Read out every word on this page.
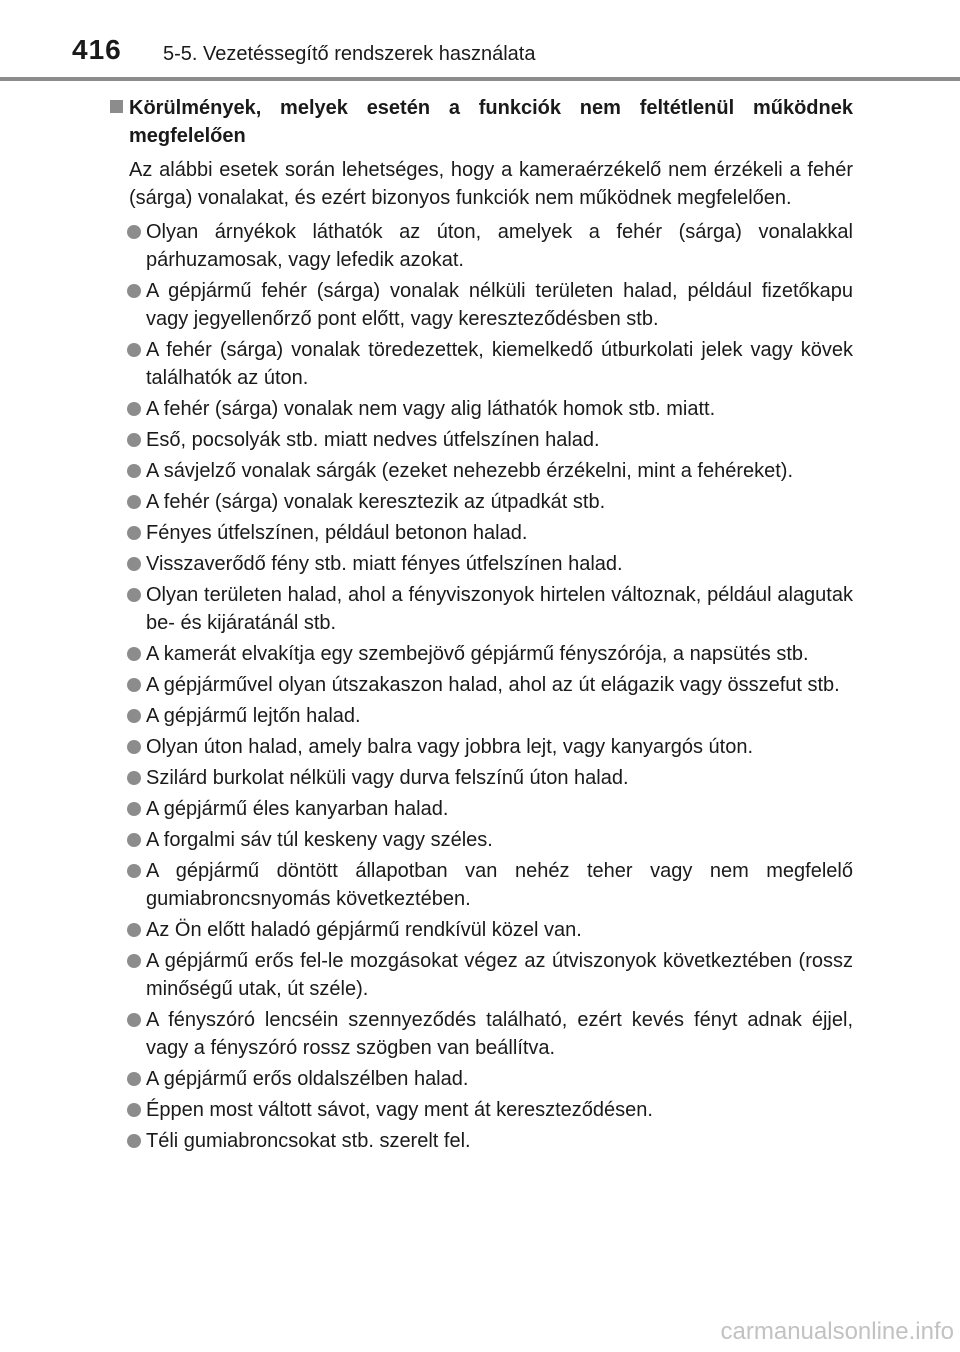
416 5-5. Vezetéssegítő rendszerek használata
Körülmények, melyek esetén a funkciók nem feltétlenül működnek megfelelően

Az alábbi esetek során lehetséges, hogy a kameraérzékelő nem érzékeli a fehér (sárga) vonalakat, és ezért bizonyos funkciók nem működnek megfelelően.

Olyan árnyékok láthatók az úton, amelyek a fehér (sárga) vonalakkal párhuzamosak, vagy lefedik azokat.
A gépjármű fehér (sárga) vonalak nélküli területen halad, például fizetőkapu vagy jegyellenőrző pont előtt, vagy kereszteződésben stb.
A fehér (sárga) vonalak töredezettek, kiemelkedő útburkolati jelek vagy kövek találhatók az úton.
A fehér (sárga) vonalak nem vagy alig láthatók homok stb. miatt.
Eső, pocsolyák stb. miatt nedves útfelszínen halad.
A sávjelző vonalak sárgák (ezeket nehezebb érzékelni, mint a fehéreket).
A fehér (sárga) vonalak keresztezik az útpadkát stb.
Fényes útfelszínen, például betonon halad.
Visszaverődő fény stb. miatt fényes útfelszínen halad.
Olyan területen halad, ahol a fényviszonyok hirtelen változnak, például alagutak be- és kijáratánál stb.
A kamerát elvakítja egy szembejövő gépjármű fényszórója, a napsütés stb.
A gépjárművel olyan útszakaszon halad, ahol az út elágazik vagy összefut stb.
A gépjármű lejtőn halad.
Olyan úton halad, amely balra vagy jobbra lejt, vagy kanyargós úton.
Szilárd burkolat nélküli vagy durva felszínű úton halad.
A gépjármű éles kanyarban halad.
A forgalmi sáv túl keskeny vagy széles.
A gépjármű döntött állapotban van nehéz teher vagy nem megfelelő gumiabroncsnyomás következtében.
Az Ön előtt haladó gépjármű rendkívül közel van.
A gépjármű erős fel-le mozgásokat végez az útviszonyok következtében (rossz minőségű utak, út széle).
A fényszóró lencséin szennyeződés található, ezért kevés fényt adnak éjjel, vagy a fényszóró rossz szögben van beállítva.
A gépjármű erős oldalszélben halad.
Éppen most váltott sávot, vagy ment át kereszteződésen.
Téli gumiabroncsokat stb. szerelt fel.
carmanualsonline.info
